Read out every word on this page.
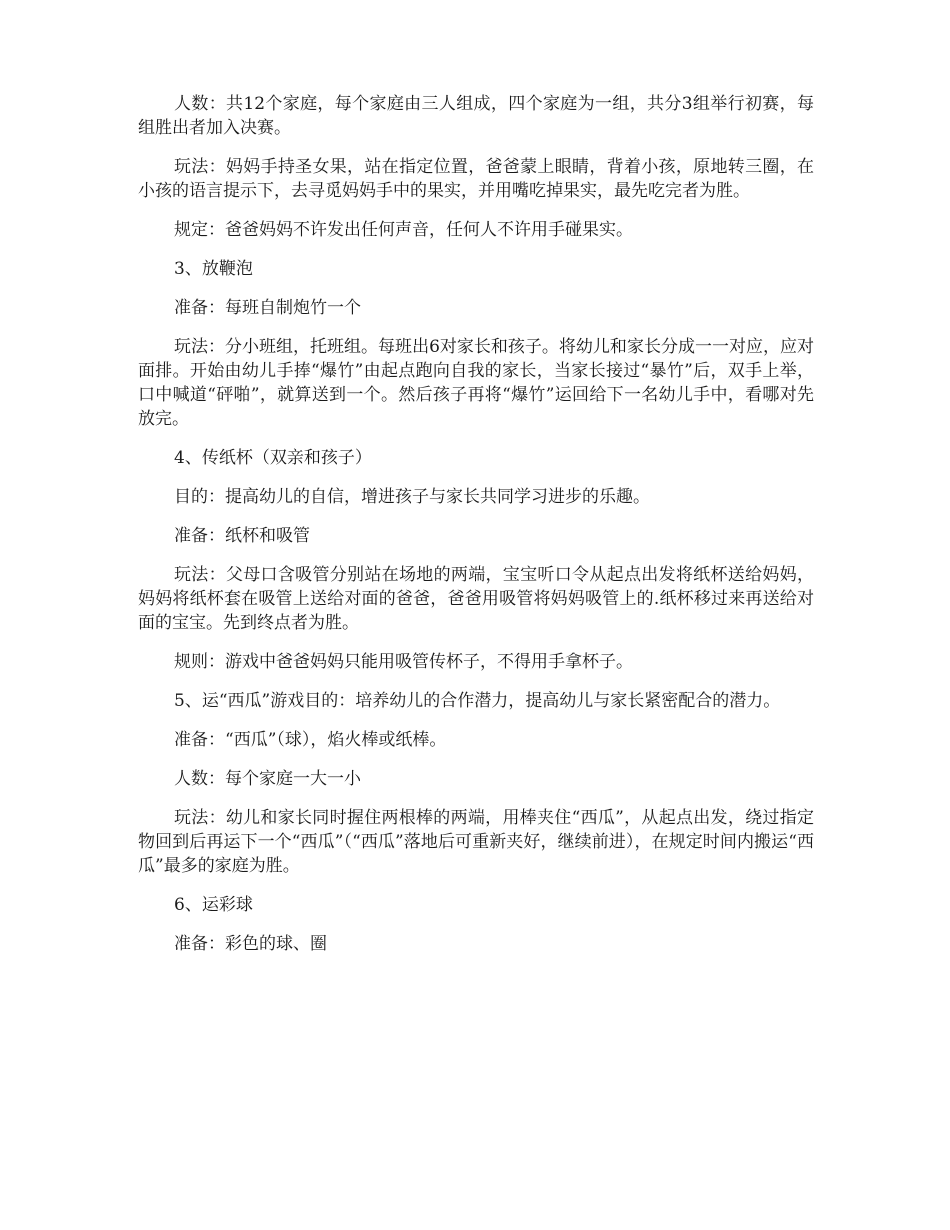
人数：共12个家庭，每个家庭由三人组成，四个家庭为一组，共分3组举行初赛，每组胜出者加入决赛。

玩法：妈妈手持圣女果，站在指定位置，爸爸蒙上眼睛，背着小孩，原地转三圈，在小孩的语言提示下，去寻觅妈妈手中的果实，并用嘴吃掉果实，最先吃完者为胜。

规定：爸爸妈妈不许发出任何声音，任何人不许用手碰果实。

3、放鞭泡

准备：每班自制炮竹一个

玩法：分小班组，托班组。每班出6对家长和孩子。将幼儿和家长分成一一对应，应对面排。开始由幼儿手捧“爆竹”由起点跑向自我的家长，当家长接过“暴竹”后，双手上举，口中喊道“砰啪”，就算送到一个。然后孩子再将“爆竹”运回给下一名幼儿手中，看哪对先放完。

4、传纸杯（双亲和孩子）

目的：提高幼儿的自信，增进孩子与家长共同学习进步的乐趣。

准备：纸杯和吸管

玩法：父母口含吸管分别站在场地的两端，宝宝听口令从起点出发将纸杯送给妈妈，妈妈将纸杯套在吸管上送给对面的爸爸，爸爸用吸管将妈妈吸管上的.纸杯移过来再送给对面的宝宝。先到终点者为胜。

规则：游戏中爸爸妈妈只能用吸管传杯子，不得用手拿杯子。

5、运“西瓜”游戏目的：培养幼儿的合作潜力，提高幼儿与家长紧密配合的潜力。

准备：“西瓜”（球），焰火棒或纸棒。

人数：每个家庭一大一小

玩法：幼儿和家长同时握住两根棒的两端，用棒夹住“西瓜”，从起点出发，绕过指定物回到后再运下一个“西瓜”（“西瓜”落地后可重新夹好，继续前进），在规定时间内搬运“西瓜”最多的家庭为胜。

6、运彩球

准备：彩色的球、圈
